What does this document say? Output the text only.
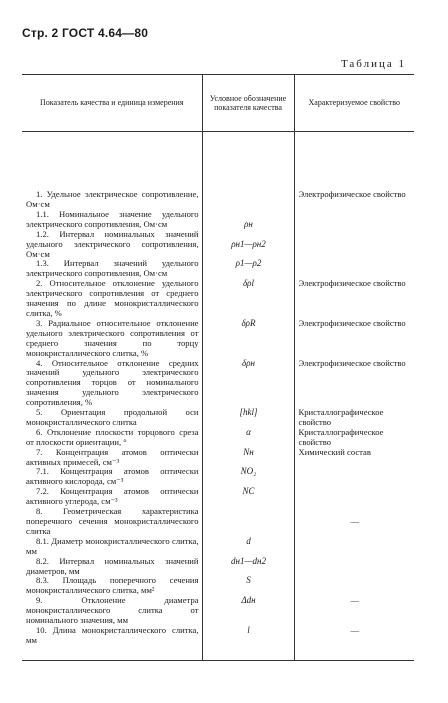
Стр. 2 ГОСТ 4.64—80
Таблица 1
Показатель качества и единица измерения	Условное обозначение показателя качества	Характеризуемое свойство

1. Удельное электрическое сопротивление, Ом·см		Электрофизическое свойство

1.1. Номинальное значение удельного электрического сопротивления, Ом·см	ρн	

1.2. Интервал номинальных значений удельного электрического сопротивления, Ом·см	ρн1—ρн2	

1.3. Интервал значений удельного электрического сопротивления, Ом·см	ρ1—ρ2	

2. Относительное отклонение удельного электрического сопротивления от среднего значения по длине монокристаллического слитка, %	δρl	Электрофизическое свойство

3. Радиальное относительное отклонение удельного электрического сопротивления от среднего значения по торцу монокристаллического слитка, %	δρR	Электрофизическое свойство

4. Относительное отклонение средних значений удельного электрического сопротивления торцов от номинального значения удельного электрического сопротивления, %	δρн	Электрофизическое свойство

5. Ориентация продольной оси монокристаллического слитка	[hkl]	Кристаллографическое свойство

6. Отклонение плоскости торцового среза от плоскости ориентации, °	α	Кристаллографическое свойство

7. Концентрация атомов оптически активных примесей, см⁻³	Nн	Химический состав

7.1. Концентрация атомов оптически активного кислорода, см⁻³	NO₂	

7.2. Концентрация атомов оптически активного углерода, см⁻³	NC	

8. Геометрическая характеристика поперечного сечения монокристаллического слитка		—

8.1. Диаметр монокристаллического слитка, мм	d	

8.2. Интервал номинальных значений диаметров, мм	dн1—dн2	

8.3. Площадь поперечного сечения монокристаллического слитка, мм²	S	

9. Отклонение диаметра монокристаллического слитка от номинального значения, мм	Δdн	—

10. Длина монокристаллического слитка, мм	l	—
